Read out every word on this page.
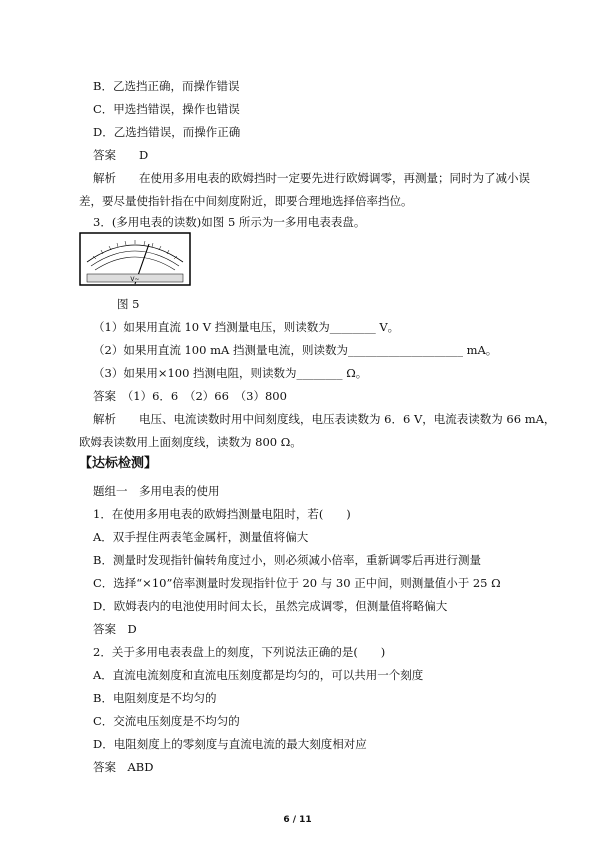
B．乙选挡正确，而操作错误
C．甲选挡错误，操作也错误
D．乙选挡错误，而操作正确
答案　　D
解析　　在使用多用电表的欧姆挡时一定要先进行欧姆调零，再测量；同时为了减小误
差，要尽量使指针指在中间刻度附近，即要合理地选择倍率挡位。
3．(多用电表的读数)如图 5 所示为一多用电表表盘。
V~
图 5
（1）如果用直流 10 V 挡测量电压，则读数为________ V。
（2）如果用直流 100 mA 挡测量电流，则读数为____________________ mA。
（3）如果用×100 挡测电阻，则读数为________ Ω。
答案　（1）6．6　（2）66　（3）800
解析　　电压、电流读数时用中间刻度线，电压表读数为 6．6 V，电流表读数为 66 mA，
欧姆表读数用上面刻度线，读数为 800 Ω。
【达标检测】
题组一　多用电表的使用
1．在使用多用电表的欧姆挡测量电阻时，若(　　)
A．双手捏住两表笔金属杆，测量值将偏大
B．测量时发现指针偏转角度过小，则必须减小倍率，重新调零后再进行测量
C．选择“×10”倍率测量时发现指针位于 20 与 30 正中间，则测量值小于 25 Ω
D．欧姆表内的电池使用时间太长，虽然完成调零，但测量值将略偏大
答案　D
2．关于多用电表表盘上的刻度，下列说法正确的是(　　)
A．直流电流刻度和直流电压刻度都是均匀的，可以共用一个刻度
B．电阻刻度是不均匀的
C．交流电压刻度是不均匀的
D．电阻刻度上的零刻度与直流电流的最大刻度相对应
答案　ABD
6 / 11
